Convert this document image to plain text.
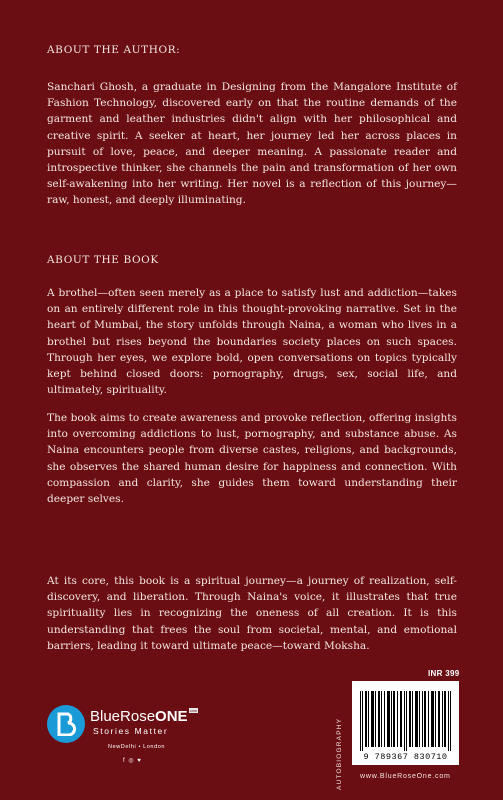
ABOUT THE AUTHOR:
Sanchari Ghosh, a graduate in Designing from the Mangalore Institute of Fashion Technology, discovered early on that the routine demands of the garment and leather industries didn't align with her philosophical and creative spirit. A seeker at heart, her journey led her across places in pursuit of love, peace, and deeper meaning. A passionate reader and introspective thinker, she channels the pain and transformation of her own self-awakening into her writing. Her novel is a reflection of this journey—raw, honest, and deeply illuminating.
ABOUT THE BOOK
A brothel—often seen merely as a place to satisfy lust and addiction—takes on an entirely different role in this thought-provoking narrative. Set in the heart of Mumbai, the story unfolds through Naina, a woman who lives in a brothel but rises beyond the boundaries society places on such spaces. Through her eyes, we explore bold, open conversations on topics typically kept behind closed doors: pornography, drugs, sex, social life, and ultimately, spirituality.
The book aims to create awareness and provoke reflection, offering insights into overcoming addictions to lust, pornography, and substance abuse. As Naina encounters people from diverse castes, religions, and backgrounds, she observes the shared human desire for happiness and connection. With compassion and clarity, she guides them toward understanding their deeper selves.
At its core, this book is a spiritual journey—a journey of realization, self-discovery, and liberation. Through Naina's voice, it illustrates that true spirituality lies in recognizing the oneness of all creation. It is this understanding that frees the soul from societal, mental, and emotional barriers, leading it toward ultimate peace—toward Moksha.
BlueRoseONE $^{com}$
Stories Matter
NewDelhi • London
f ◎ ♥
INR 399
AUTOBIOGRAPHY	9 789367 830710
www.BlueRoseOne.com
